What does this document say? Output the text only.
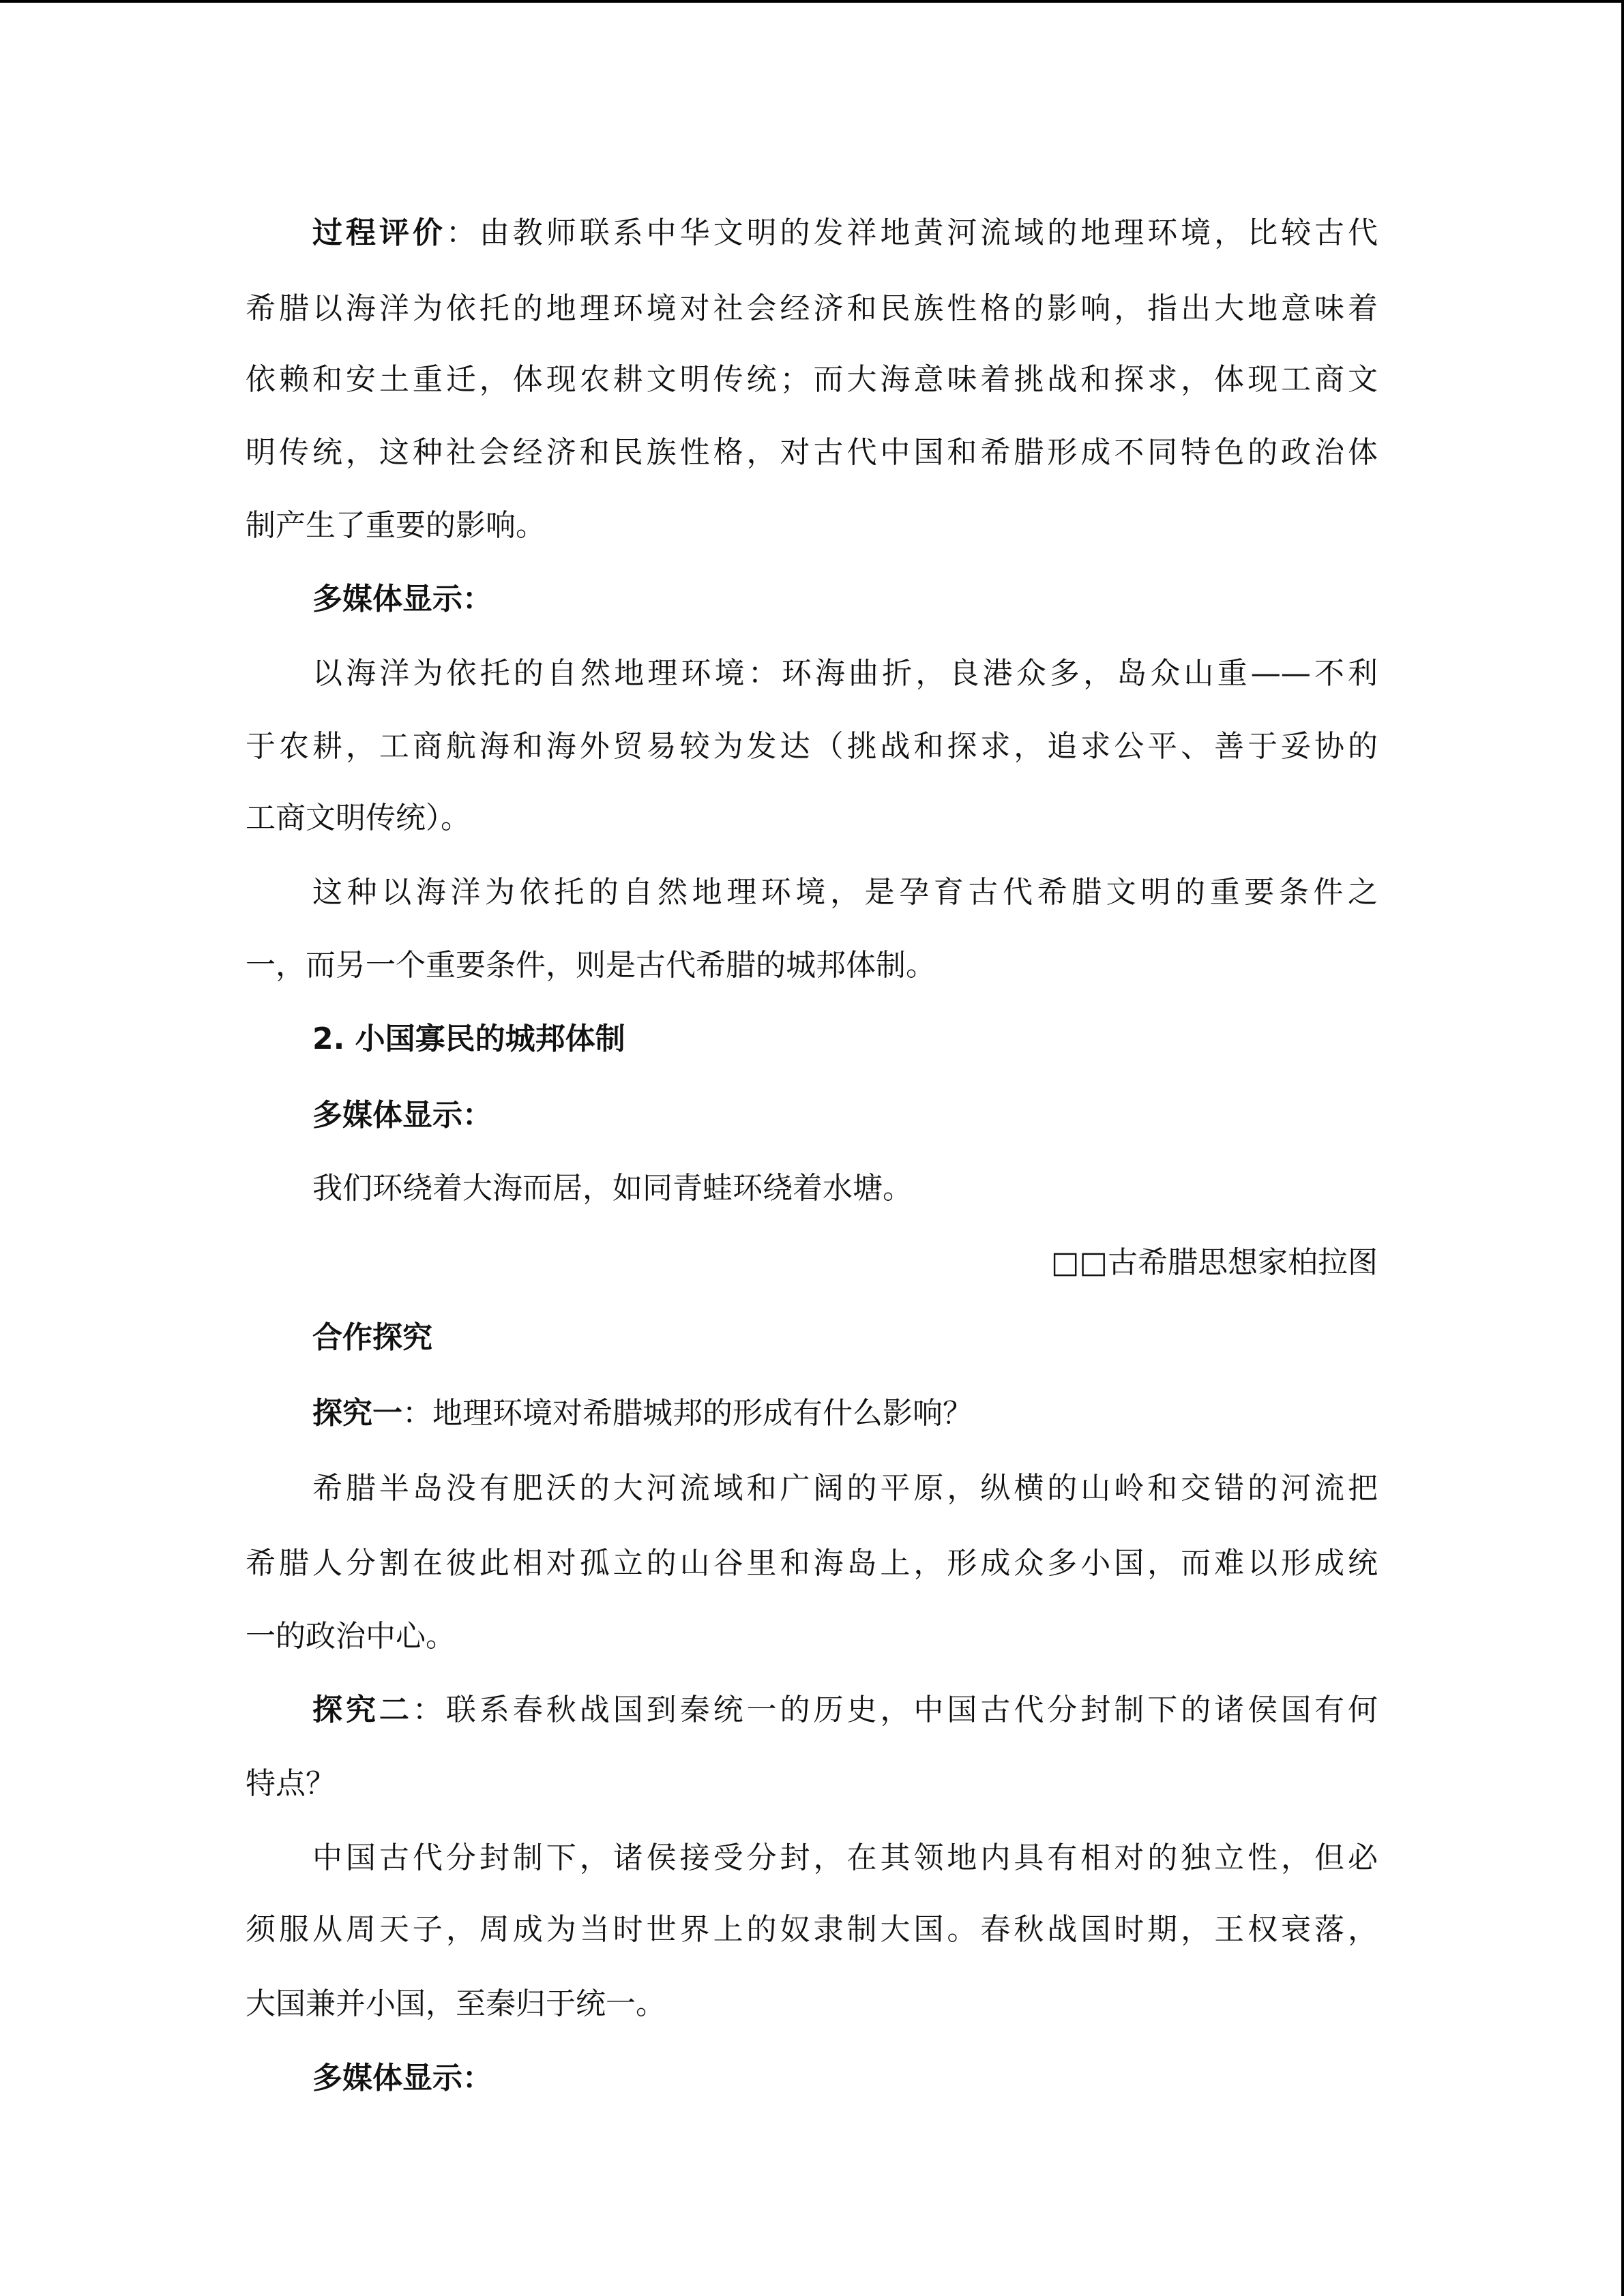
过程评价：由教师联系中华文明的发祥地黄河流域的地理环境，比较古代
希腊以海洋为依托的地理环境对社会经济和民族性格的影响，指出大地意味着
依赖和安土重迁，体现农耕文明传统；而大海意味着挑战和探求，体现工商文
明传统，这种社会经济和民族性格，对古代中国和希腊形成不同特色的政治体
制产生了重要的影响。
多媒体显示：
以海洋为依托的自然地理环境：环海曲折，良港众多，岛众山重——不利
于农耕，工商航海和海外贸易较为发达（挑战和探求，追求公平、善于妥协的
工商文明传统）。
这种以海洋为依托的自然地理环境，是孕育古代希腊文明的重要条件之
一，而另一个重要条件，则是古代希腊的城邦体制。
2. 小国寡民的城邦体制
多媒体显示：
我们环绕着大海而居，如同青蛙环绕着水塘。
□□古希腊思想家柏拉图
合作探究
探究一：地理环境对希腊城邦的形成有什么影响？
希腊半岛没有肥沃的大河流域和广阔的平原，纵横的山岭和交错的河流把
希腊人分割在彼此相对孤立的山谷里和海岛上，形成众多小国，而难以形成统
一的政治中心。
探究二：联系春秋战国到秦统一的历史，中国古代分封制下的诸侯国有何
特点？
中国古代分封制下，诸侯接受分封，在其领地内具有相对的独立性，但必
须服从周天子，周成为当时世界上的奴隶制大国。春秋战国时期，王权衰落，
大国兼并小国，至秦归于统一。
多媒体显示：
